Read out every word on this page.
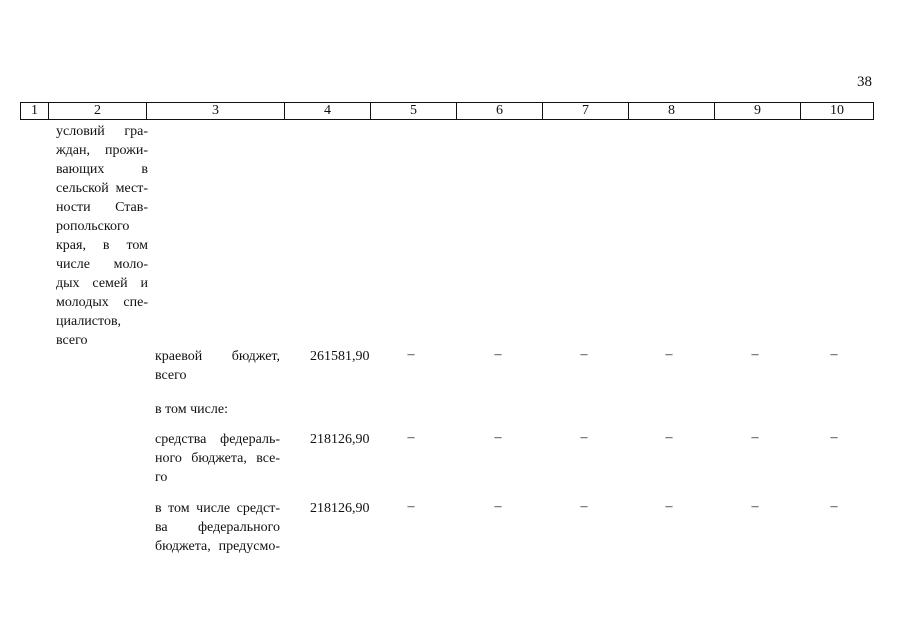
38
1	2	3	4	5	6	7	8	9	10
условий гра-
ждан, прожи-
вающих в
сельской мест-
ности Став-
ропольского
края, в том
числе моло-
дых семей и
молодых спе-
циалистов,
всего
краевой бюджет,
всего
261581,90	–	–	–	–	–	–
в том числе:
средства федераль-
ного бюджета, все-
го
218126,90	–	–	–	–	–	–
в том числе средст-
ва федерального
бюджета, предусмо-
218126,90	–	–	–	–	–	–
